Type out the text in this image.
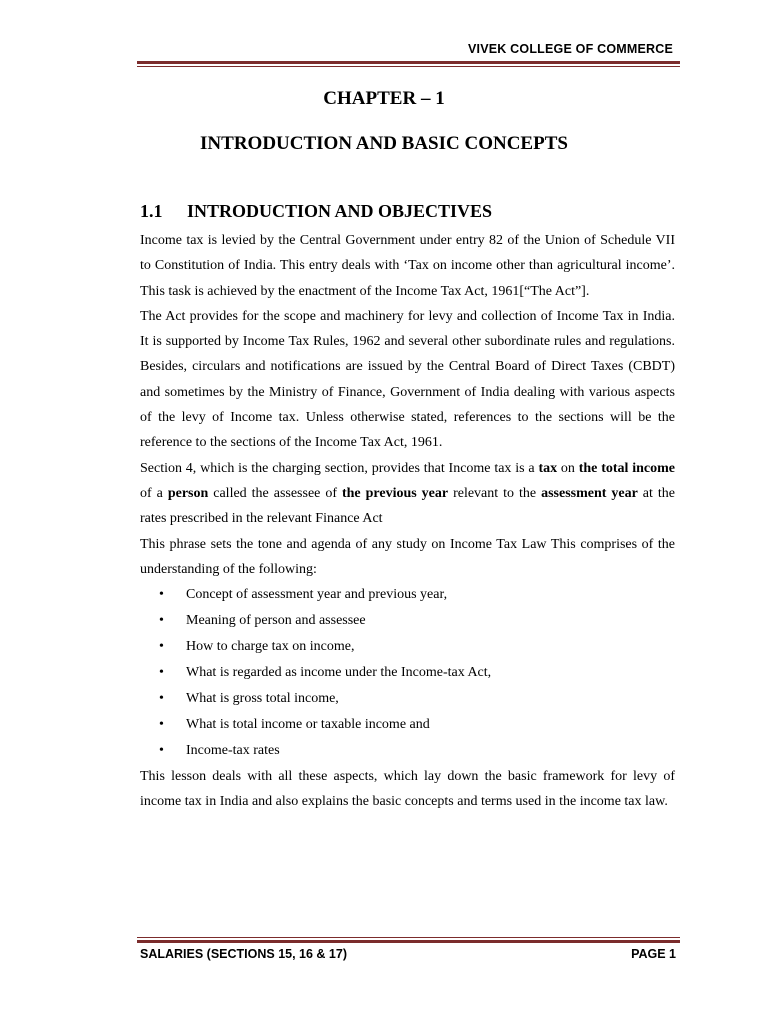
VIVEK COLLEGE OF COMMERCE
CHAPTER – 1
INTRODUCTION AND BASIC CONCEPTS
1.1 INTRODUCTION AND OBJECTIVES

Income tax is levied by the Central Government under entry 82 of the Union of Schedule VII to Constitution of India. This entry deals with ‘Tax on income other than agricultural income’. This task is achieved by the enactment of the Income Tax Act, 1961[“The Act”].

The Act provides for the scope and machinery for levy and collection of Income Tax in India. It is supported by Income Tax Rules, 1962 and several other subordinate rules and regulations. Besides, circulars and notifications are issued by the Central Board of Direct Taxes (CBDT) and sometimes by the Ministry of Finance, Government of India dealing with various aspects of the levy of Income tax. Unless otherwise stated, references to the sections will be the reference to the sections of the Income Tax Act, 1961.

Section 4, which is the charging section, provides that Income tax is a tax on the total income of a person called the assessee of the previous year relevant to the assessment year at the rates prescribed in the relevant Finance Act

This phrase sets the tone and agenda of any study on Income Tax Law This comprises of the understanding of the following:

• Concept of assessment year and previous year,
• Meaning of person and assessee
• How to charge tax on income,
• What is regarded as income under the Income-tax Act,
• What is gross total income,
• What is total income or taxable income and
• Income-tax rates

This lesson deals with all these aspects, which lay down the basic framework for levy of income tax in India and also explains the basic concepts and terms used in the income tax law.

SALARIES (SECTIONS 15, 16 & 17)	PAGE 1
